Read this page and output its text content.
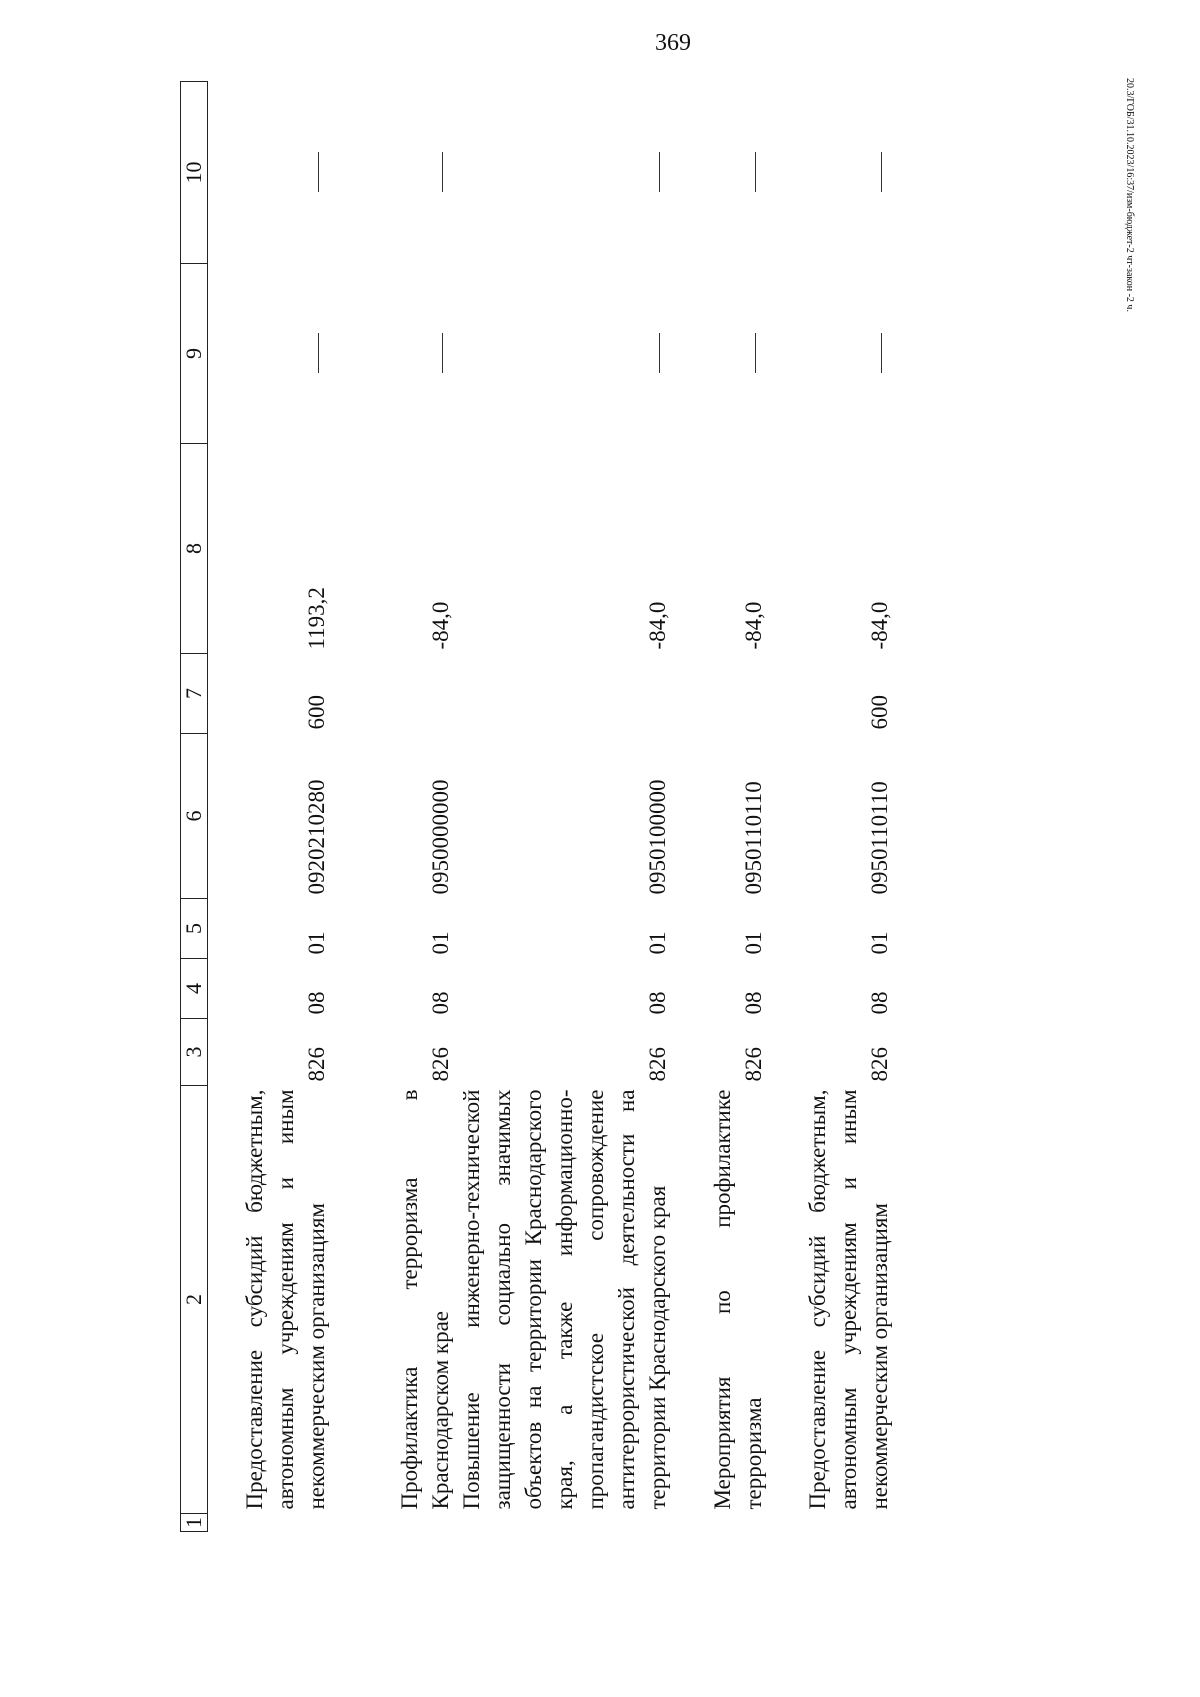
369
20.3/ГОБ/31.10.2023/16:37/изм-бюджет-2 чт-закон -2 ч.
1	2	3	4	5	6	7	8	9	10
	Предоставление субсидий бюджетным, автономным учреждениям и иным некоммерческим организациям	826	08	01	0920210280	600	1193,2		
	Профилактика терроризма в Краснодарском крае	826	08	01	0950000000		-84,0		
	Повышение инженерно-технической защищенности социально значимых объектов на территории Краснодарского края, а также информационно-пропагандистское сопровождение антитеррористической деятельности на территории Краснодарского края	826	08	01	0950100000		-84,0		
	Мероприятия по профилактике терроризма	826	08	01	0950110110		-84,0		
	Предоставление субсидий бюджетным, автономным учреждениям и иным некоммерческим организациям	826	08	01	0950110110	600	-84,0		
